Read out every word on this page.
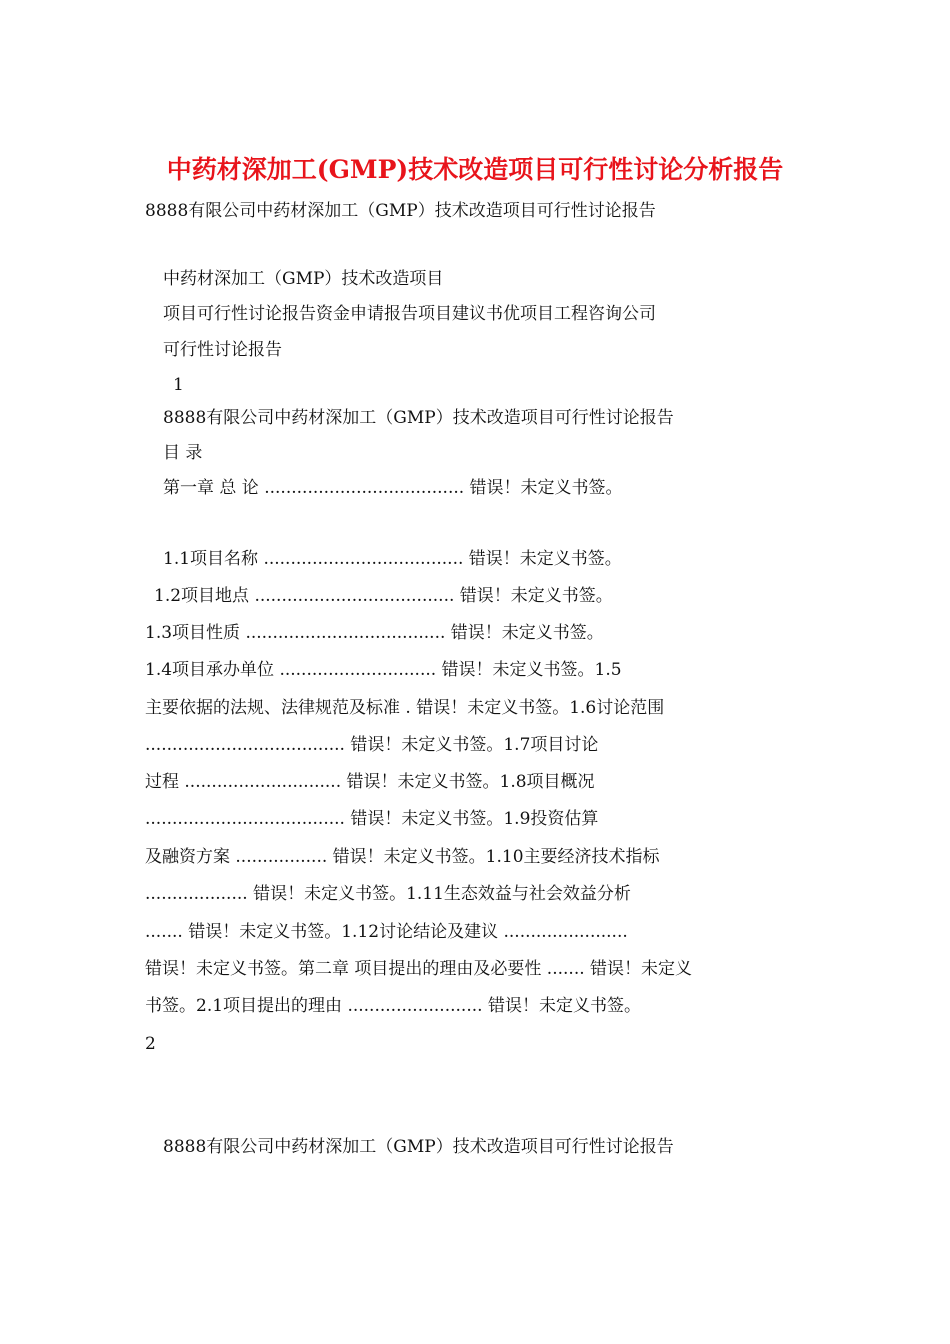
中药材深加工(GMP)技术改造项目可行性讨论分析报告
8888有限公司中药材深加工（GMP）技术改造项目可行性讨论报告
中药材深加工（GMP）技术改造项目
项目可行性讨论报告资金申请报告项目建议书优项目工程咨询公司
可行性讨论报告
1
8888有限公司中药材深加工（GMP）技术改造项目可行性讨论报告
目 录
第一章 总 论 ..................................... 错误！未定义书签。
1.1项目名称 ..................................... 错误！未定义书签。
1.2项目地点 ..................................... 错误！未定义书签。
1.3项目性质 ..................................... 错误！未定义书签。
1.4项目承办单位 ............................. 错误！未定义书签。1.5
主要依据的法规、法律规范及标准 . 错误！未定义书签。1.6讨论范围
..................................... 错误！未定义书签。1.7项目讨论
过程 ............................. 错误！未定义书签。1.8项目概况
..................................... 错误！未定义书签。1.9投资估算
及融资方案 ................. 错误！未定义书签。1.10主要经济技术指标
................... 错误！未定义书签。1.11生态效益与社会效益分析
....... 错误！未定义书签。1.12讨论结论及建议 .......................
错误！未定义书签。第二章 项目提出的理由及必要性 ....... 错误！未定义
书签。2.1项目提出的理由 ......................... 错误！未定义书签。
2
8888有限公司中药材深加工（GMP）技术改造项目可行性讨论报告
